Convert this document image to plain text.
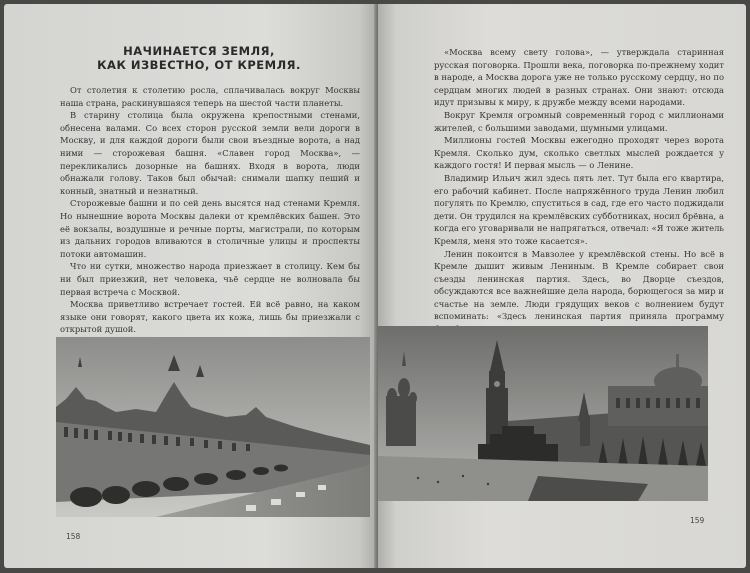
НАЧИНАЕТСЯ ЗЕМЛЯ,
КАК ИЗВЕСТНО, ОТ КРЕМЛЯ.

От столетия к столетию росла, сплачивалась вокруг Москвы наша страна, раскинувшаяся теперь на шестой части планеты.

В старину столица была окружена крепостными стенами, обнесена валами. Со всех сторон русской земли вели дороги в Москву, и для каждой дороги были свои въездные ворота, а над ними — сторожевая башня. «Славен город Москва», — перекликались дозорные на башнях. Входя в ворота, люди обнажали голову. Таков был обычай: снимали шапку пеший и конный, знатный и незнатный.

Сторожевые башни и по сей день высятся над стенами Кремля. Но нынешние ворота Москвы далеки от кремлёвских башен. Это её вокзалы, воздушные и речные порты, магистрали, по которым из дальних городов вливаются в столичные улицы и проспекты потоки автомашин.

Что ни сутки, множество народа приезжает в столицу. Кем бы ни был приезжий, нет человека, чьё сердце не волновала бы первая встреча с Москвой.

Москва приветливо встречает гостей. Ей всё равно, на каком языке они говорят, какого цвета их кожа, лишь бы приезжали с открытой душой.

158

«Москва всему свету голова», — утверждала старинная русская поговорка. Прошли века, поговорка по-прежнему ходит в народе, а Москва дорога уже не только русскому сердцу, но по сердцам многих людей в разных странах. Они знают: отсюда идут призывы к миру, к дружбе между всеми народами.

Вокруг Кремля огромный современный город с миллионами жителей, с большими заводами, шумными улицами.

Миллионы гостей Москвы ежегодно проходят через ворота Кремля. Сколько дум, сколько светлых мыслей рождается у каждого гостя! И первая мысль — о Ленине.

Владимир Ильич жил здесь пять лет. Тут была его квартира, его рабочий кабинет. После напряжённого труда Ленин любил погулять по Кремлю, спуститься в сад, где его часто поджидали дети. Он трудился на кремлёвских субботниках, носил брёвна, а когда его уговаривали не напрягаться, отвечал: «Я тоже житель Кремля, меня это тоже касается».

Ленин покоится в Мавзолее у кремлёвской стены. Но всё в Кремле дышит живым Лениным. В Кремле собирает свои съезды ленинская партия. Здесь, во Дворце съездов, обсуждаются все важнейшие дела народа, борющегося за мир и счастье на земле. Люди грядущих веков с волнением будут вспоминать: «Здесь ленинская партия приняла программу

159
